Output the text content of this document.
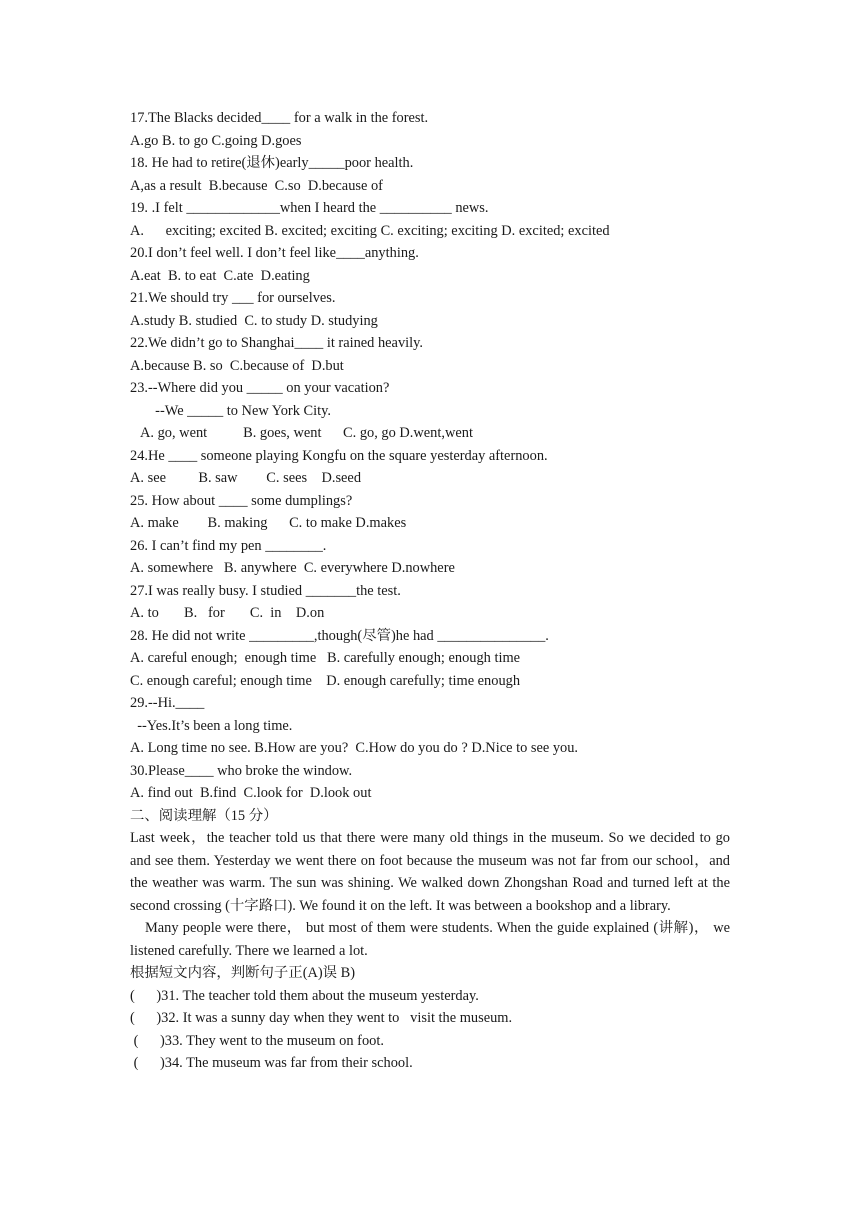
17.The Blacks decided____ for a walk in the forest.
A.go B. to go C.going D.goes
18. He had to retire(退休)early_____poor health.
A,as a result  B.because  C.so  D.because of
19. .I felt _____________when I heard the __________ news.
A.      exciting; excited B. excited; exciting C. exciting; exciting D. excited; excited
20.I don’t feel well. I don’t feel like____anything.
A.eat  B. to eat  C.ate  D.eating
21.We should try ___ for ourselves.
A.study B. studied  C. to study D. studying
22.We didn’t go to Shanghai____ it rained heavily.
A.because B. so  C.because of  D.but
23.--Where did you _____ on your vacation?
--We _____ to New York City.
A. go, went          B. goes, went      C. go, go D.went,went
24.He ____ someone playing Kongfu on the square yesterday afternoon.
A. see         B. saw        C. sees    D.seed
25. How about ____ some dumplings?
A. make        B. making      C. to make D.makes
26. I can’t find my pen ________.
A. somewhere   B. anywhere  C. everywhere D.nowhere
27.I was really busy. I studied _______the test.
A. to       B.   for       C.  in    D.on
28. He did not write _________,though(尽管)he had _______________.
A. careful enough;  enough time   B. carefully enough; enough time
C. enough careful; enough time    D. enough carefully; time enough
29.--Hi.____
--Yes.It’s been a long time.
A. Long time no see. B.How are you?  C.How do you do ? D.Nice to see you.
30.Please____ who broke the window.
A. find out  B.find  C.look for  D.look out
二、阅读理解（15 分）
Last week，the teacher told us that there were many old things in the museum. So we decided to go and see them. Yesterday we went there on foot because the museum was not far from our school，and the weather was warm. The sun was shining. We walked down Zhongshan Road and turned left at the second crossing (十字路口). We found it on the left. It was between a bookshop and a library.
Many people were there， but most of them were students. When the guide explained (讲解)， we listened carefully. There we learned a lot.
根据短文内容，判断句子正(A)误 B)
(      )31. The teacher told them about the museum yesterday.
(      )32. It was a sunny day when they went to   visit the museum.
(      )33. They went to the museum on foot.
(      )34. The museum was far from their school.
